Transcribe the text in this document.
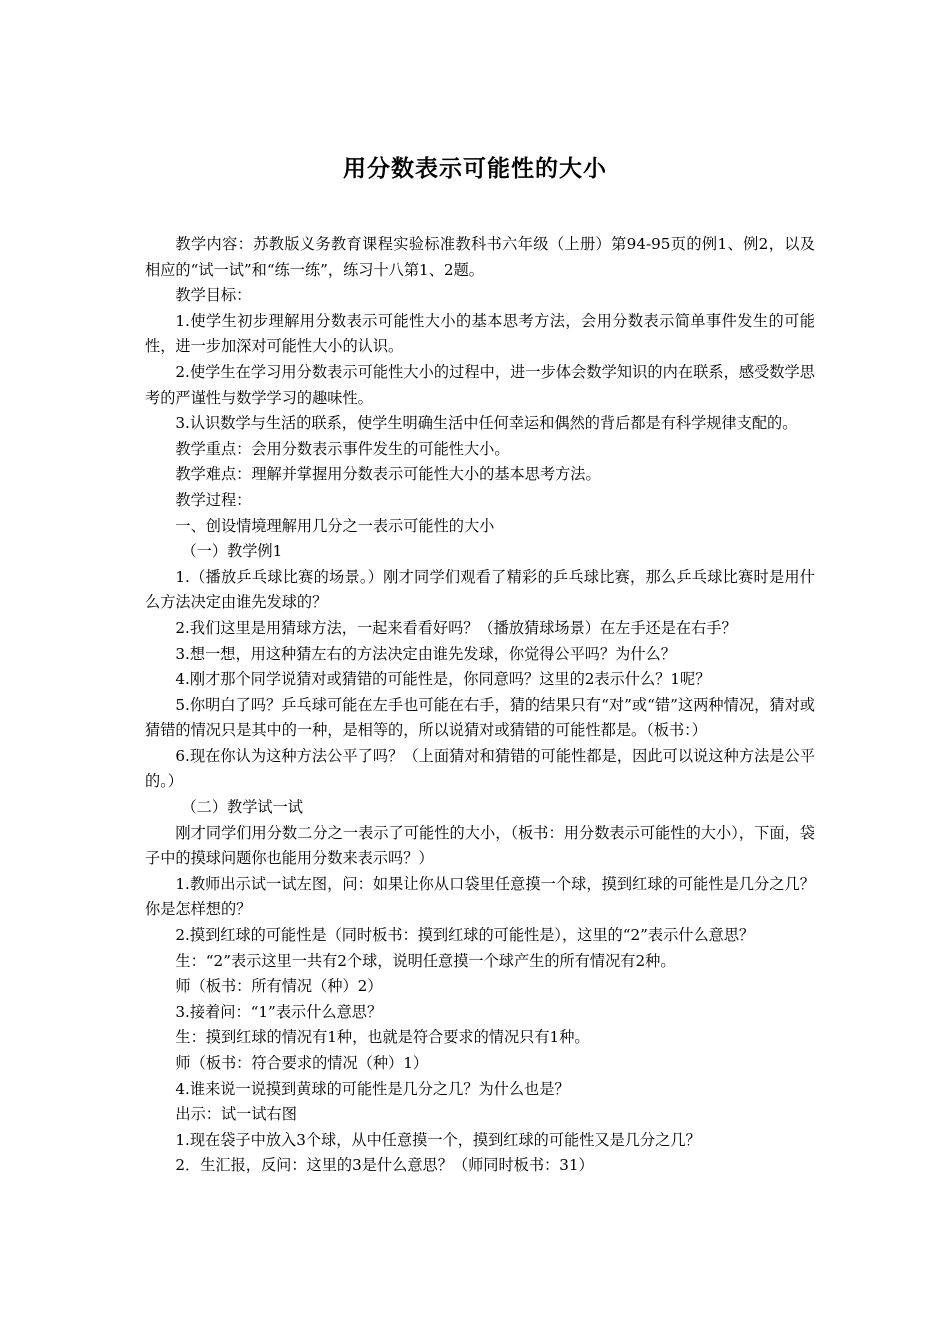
用分数表示可能性的大小

教学内容：苏教版义务教育课程实验标准教科书六年级（上册）第94-95页的例1、例2，以及相应的“试一试”和“练一练”，练习十八第1、2题。

教学目标：

1.使学生初步理解用分数表示可能性大小的基本思考方法，会用分数表示简单事件发生的可能性，进一步加深对可能性大小的认识。

2.使学生在学习用分数表示可能性大小的过程中，进一步体会数学知识的内在联系，感受数学思考的严谨性与数学学习的趣味性。

3.认识数学与生活的联系，使学生明确生活中任何幸运和偶然的背后都是有科学规律支配的。

教学重点：会用分数表示事件发生的可能性大小。

教学难点：理解并掌握用分数表示可能性大小的基本思考方法。

教学过程：

一、创设情境理解用几分之一表示可能性的大小

（一）教学例1

1.（播放乒乓球比赛的场景。）刚才同学们观看了精彩的乒乓球比赛，那么乒乓球比赛时是用什么方法决定由谁先发球的？

2.我们这里是用猜球方法，一起来看看好吗？（播放猜球场景）在左手还是在右手？

3.想一想，用这种猜左右的方法决定由谁先发球，你觉得公平吗？为什么？

4.刚才那个同学说猜对或猜错的可能性是，你同意吗？这里的2表示什么？1呢？

5.你明白了吗？乒乓球可能在左手也可能在右手，猜的结果只有“对”或“错”这两种情况，猜对或猜错的情况只是其中的一种，是相等的，所以说猜对或猜错的可能性都是。（板书：）

6.现在你认为这种方法公平了吗？（上面猜对和猜错的可能性都是，因此可以说这种方法是公平的。）

（二）教学试一试

刚才同学们用分数二分之一表示了可能性的大小，（板书：用分数表示可能性的大小），下面，袋子中的摸球问题你也能用分数来表示吗？）

1.教师出示试一试左图，问：如果让你从口袋里任意摸一个球，摸到红球的可能性是几分之几？你是怎样想的？

2.摸到红球的可能性是（同时板书：摸到红球的可能性是），这里的“2”表示什么意思？

生：“2”表示这里一共有2个球，说明任意摸一个球产生的所有情况有2种。

师（板书：所有情况（种）2）

3.接着问：“1”表示什么意思？

生：摸到红球的情况有1种，也就是符合要求的情况只有1种。

师（板书：符合要求的情况（种）1）

4.谁来说一说摸到黄球的可能性是几分之几？为什么也是？

出示：试一试右图

1.现在袋子中放入3个球，从中任意摸一个，摸到红球的可能性又是几分之几？

2．生汇报，反问：这里的3是什么意思？（师同时板书：31）
